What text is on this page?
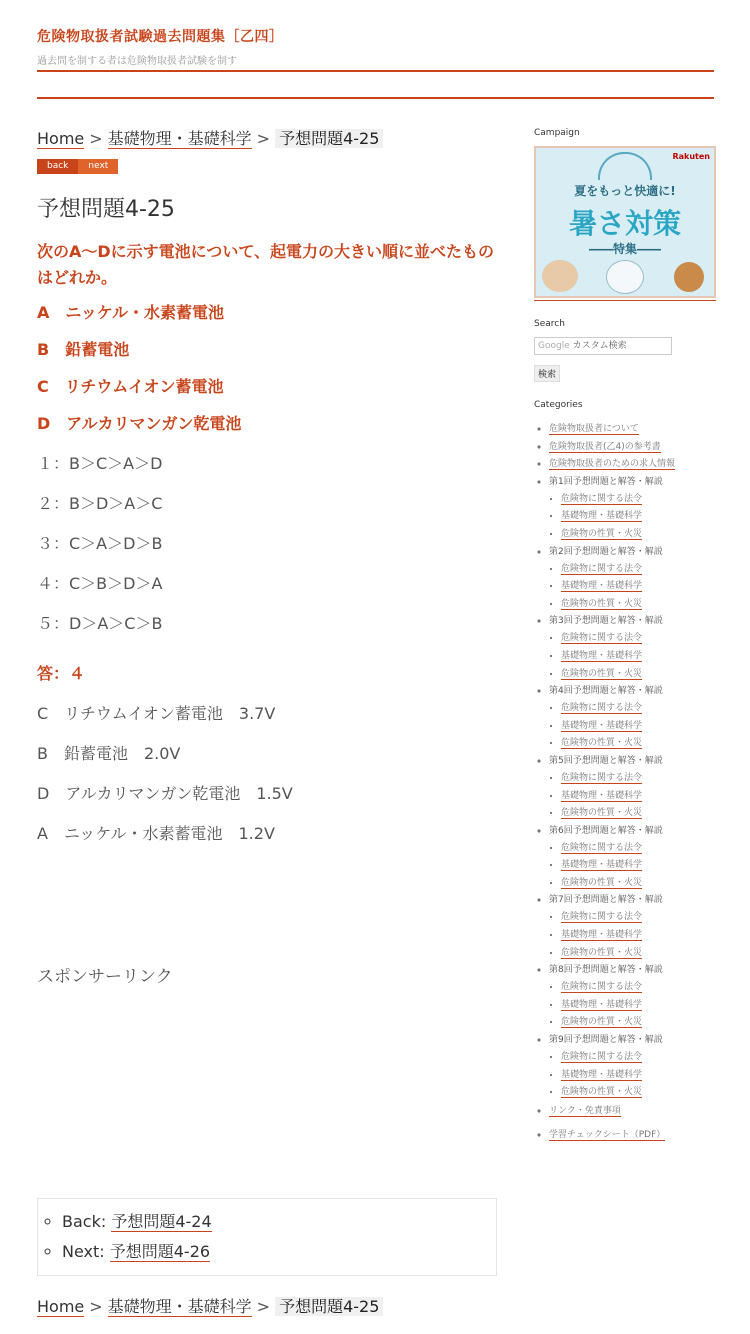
危険物取扱者試験過去問題集［乙四］
過去問を制する者は危険物取扱者試験を制す
Home > 基礎物理・基礎科学 > 予想問題4-25
back	next
予想問題4-25
次のA～Dに示す電池について、起電力の大きい順に並べたものはどれか。
A　ニッケル・水素蓄電池
B　鉛蓄電池
C　リチウムイオン蓄電池
D　アルカリマンガン乾電池
１：B＞C＞A＞D
２：B＞D＞A＞C
３：C＞A＞D＞B
４：C＞B＞D＞A
５：D＞A＞C＞B
答：４
C　リチウムイオン蓄電池　3.7V
B　鉛蓄電池　2.0V
D　アルカリマンガン乾電池　1.5V
A　ニッケル・水素蓄電池　1.2V
スポンサーリンク
◦ Back: 予想問題4-24
◦ Next: 予想問題4-26
Home > 基礎物理・基礎科学 > 予想問題4-25
Campaign
Rakuten
夏をもっと快適に!
暑さ対策
――特集――
Search
Google カスタム検索
検索
Categories
◦ 危険物取扱者について
◦ 危険物取扱者(乙4)の参考書
◦ 危険物取扱者のための求人情報
◦ 第1回予想問題と解答・解説
• 危険物に関する法令
• 基礎物理・基礎科学
• 危険物の性質・火災
◦ 第2回予想問題と解答・解説
• 危険物に関する法令
• 基礎物理・基礎科学
• 危険物の性質・火災
◦ 第3回予想問題と解答・解説
• 危険物に関する法令
• 基礎物理・基礎科学
• 危険物の性質・火災
◦ 第4回予想問題と解答・解説
• 危険物に関する法令
• 基礎物理・基礎科学
• 危険物の性質・火災
◦ 第5回予想問題と解答・解説
• 危険物に関する法令
• 基礎物理・基礎科学
• 危険物の性質・火災
◦ 第6回予想問題と解答・解説
• 危険物に関する法令
• 基礎物理・基礎科学
• 危険物の性質・火災
◦ 第7回予想問題と解答・解説
• 危険物に関する法令
• 基礎物理・基礎科学
• 危険物の性質・火災
◦ 第8回予想問題と解答・解説
• 危険物に関する法令
• 基礎物理・基礎科学
• 危険物の性質・火災
◦ 第9回予想問題と解答・解説
• 危険物に関する法令
• 基礎物理・基礎科学
• 危険物の性質・火災
◦ リンク・免責事項
◦ 学習チェックシート（PDF）
